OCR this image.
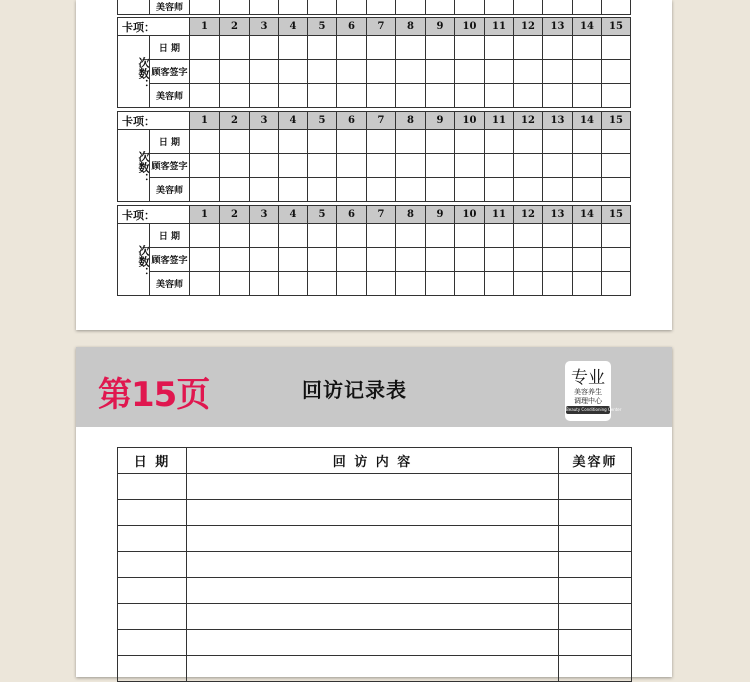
	美容师															
卡项：		1	2	3	4	5	6	7	8	9	10	11	12	13	14	15
次数：	日 期															
	顾客签字															
	美容师															
卡项：		1	2	3	4	5	6	7	8	9	10	11	12	13	14	15
次数：	日 期															
	顾客签字															
	美容师															
卡项：		1	2	3	4	5	6	7	8	9	10	11	12	13	14	15
次数：	日 期															
	顾客签字															
	美容师															
第15页	回访记录表	专业
美容养生
调理中心
Beauty Conditioning Center
日 期	回 访 内 容	美容师
